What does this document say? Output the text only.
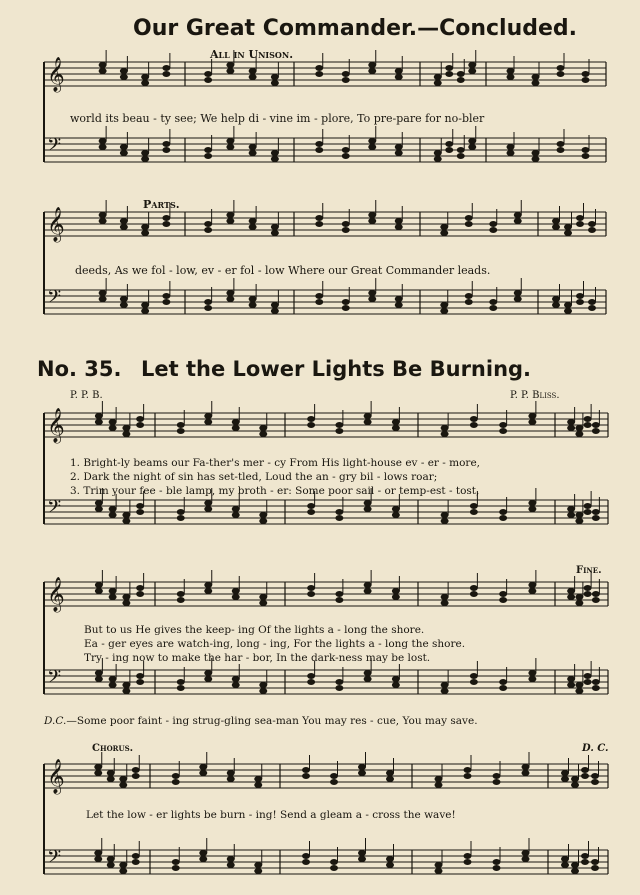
Our Great Commander.—Concluded.
All in Unison.
Parts.
world its beau - ty see; We help di - vine im - plore, To pre-pare for no-bler
deeds, As we fol - low, ev - er fol - low Where our Great Commander leads.
No. 35. Let the Lower Lights Be Burning.
P. P. B.	P. P. Bliss.
1. Bright-ly beams our Fa-ther's mer - cy From His light-house ev - er - more,
2. Dark the night of sin has set-tled, Loud the an - gry bil - lows roar;
3. Trim your fee - ble lamp, my broth - er: Some poor sail - or temp-est - tost,
Fine.
But to us He gives the keep- ing Of the lights a - long the shore.
Ea - ger eyes are watch-ing, long - ing, For the lights a - long the shore.
Try - ing now to make the har - bor, In the dark-ness may be lost.
D.C.—Some poor faint - ing strug-gling sea-man You may res - cue, You may save.
Chorus.	D. C.
Let the low - er lights be burn - ing! Send a gleam a - cross the wave!
𝄞
𝄢
𝄞
𝄢
𝄞
𝄢
𝄞
𝄢
𝄞
𝄢
